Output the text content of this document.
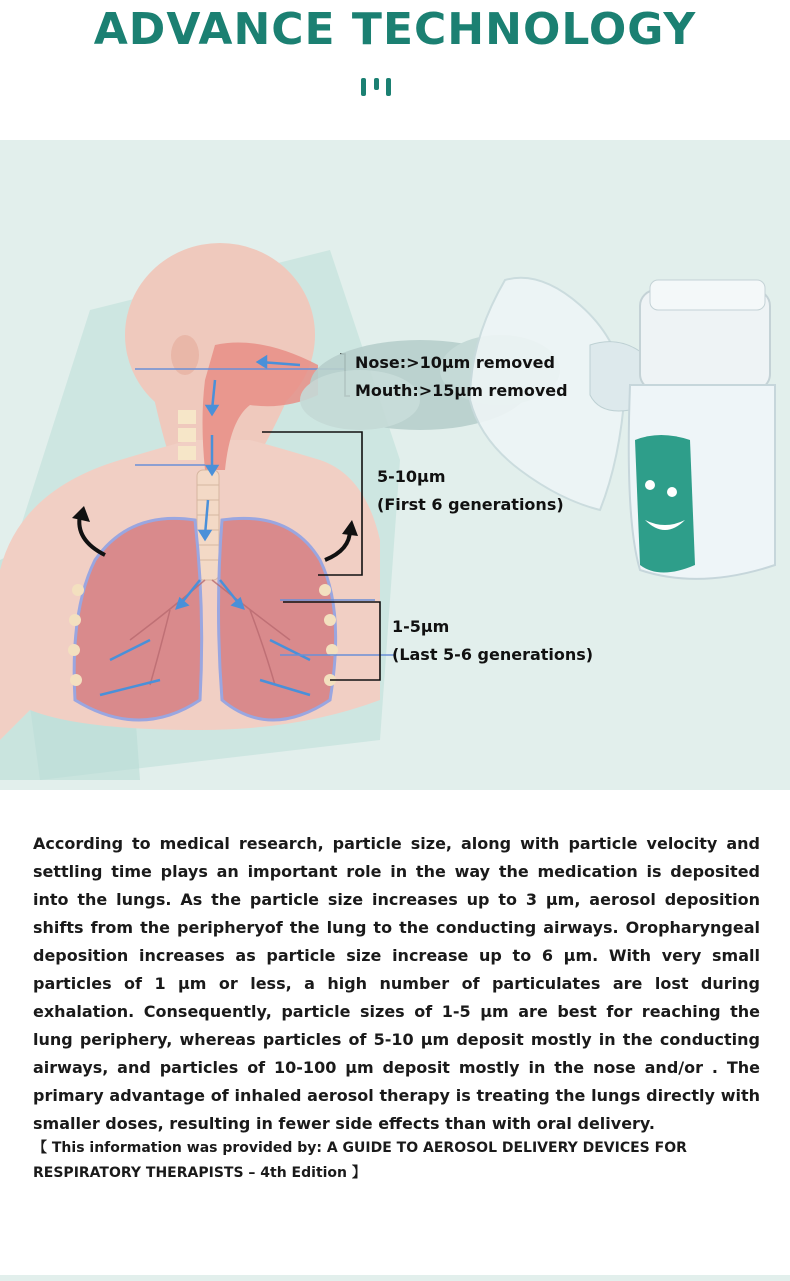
ADVANCE TECHNOLOGY
Nose:>10μm removed
Mouth:>15μm removed
5-10μm
(First 6 generations)
1-5μm
(Last 5-6 generations)

According to medical research, particle size, along with particle velocity and settling time plays an important role in the way the medication is deposited into the lungs. As the particle size increases up to 3 μm, aerosol deposition shifts from the peripheryof the lung to the conducting airways. Oropharyngeal deposition increases as particle size increase up to 6 μm. With very small particles of 1 μm or less, a high number of particulates are lost during exhalation. Consequently, particle sizes of 1-5 μm are best for reaching the lung periphery, whereas particles of 5-10 μm deposit mostly in the conducting airways, and particles of 10-100 μm deposit mostly in the nose and/or . The primary advantage of inhaled aerosol therapy is treating the lungs directly with smaller doses, resulting in fewer side effects than with oral delivery.

【 This information was provided by: A GUIDE TO AEROSOL DELIVERY DEVICES FOR RESPIRATORY THERAPISTS – 4th Edition 】
